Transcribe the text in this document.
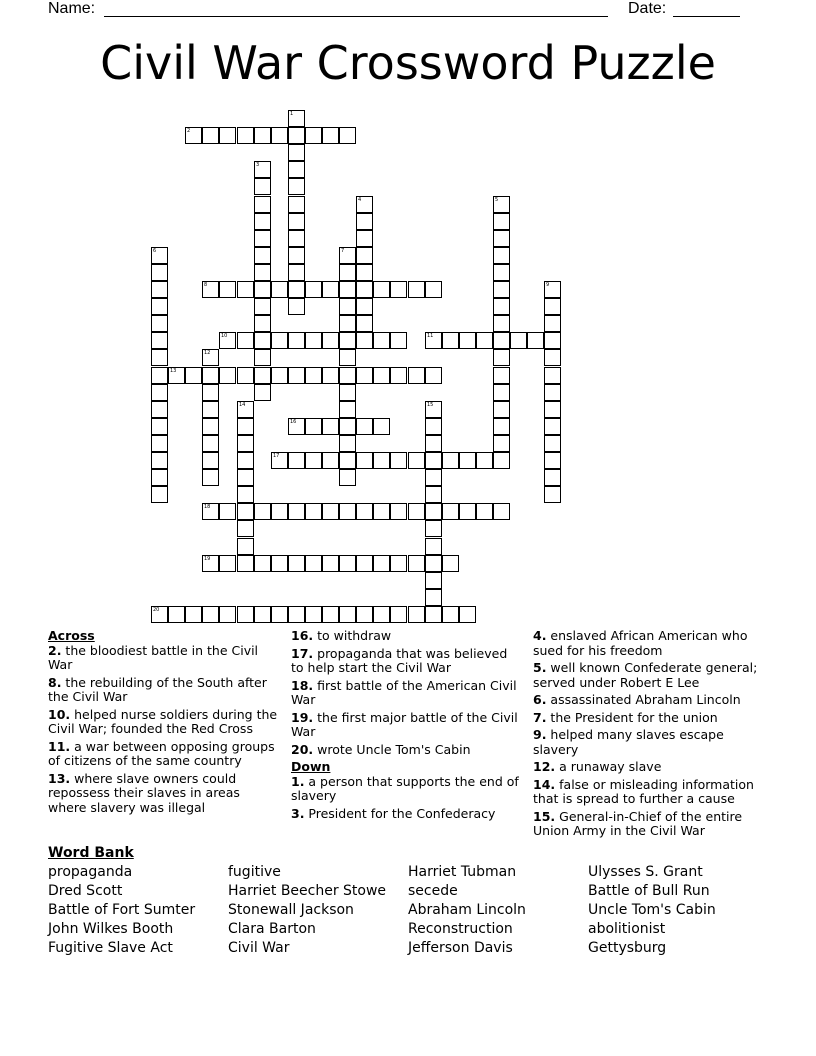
Name:	Date:
Civil War Crossword Puzzle
1
2
3
4	5
6	7
8	9
10	11
12
13
14	15
16
17
18
19
20
Across
2. the bloodiest battle in the Civil War
8. the rebuilding of the South after the Civil War
10. helped nurse soldiers during the Civil War; founded the Red Cross
11. a war between opposing groups of citizens of the same country
13. where slave owners could repossess their slaves in areas where slavery was illegal
16. to withdraw
17. propaganda that was believed to help start the Civil War
18. first battle of the American Civil War
19. the first major battle of the Civil War
20. wrote Uncle Tom's Cabin
Down
1. a person that supports the end of slavery
3. President for the Confederacy
4. enslaved African American who sued for his freedom
5. well known Confederate general; served under Robert E Lee
6. assassinated Abraham Lincoln
7. the President for the union
9. helped many slaves escape slavery
12. a runaway slave
14. false or misleading information that is spread to further a cause
15. General-in-Chief of the entire Union Army in the Civil War
Word Bank
propaganda
Dred Scott
Battle of Fort Sumter
John Wilkes Booth
Fugitive Slave Act
fugitive
Harriet Beecher Stowe
Stonewall Jackson
Clara Barton
Civil War
Harriet Tubman
secede
Abraham Lincoln
Reconstruction
Jefferson Davis
Ulysses S. Grant
Battle of Bull Run
Uncle Tom's Cabin
abolitionist
Gettysburg
